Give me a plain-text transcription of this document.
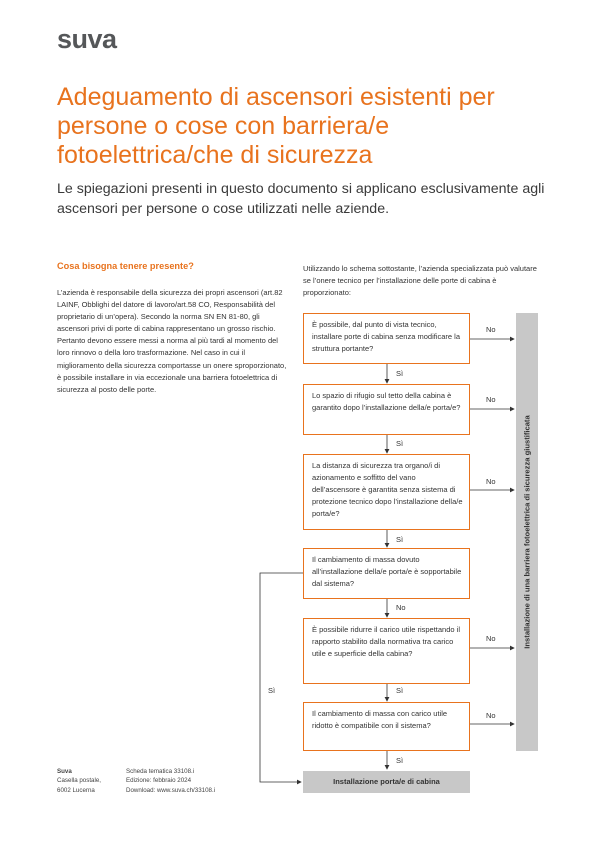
suva
Adeguamento di ascensori esistenti per persone o cose con barriera/e fotoelettrica/che di sicurezza

Le spiegazioni presenti in questo documento si applicano esclusivamente agli ascensori per persone o cose utilizzati nelle aziende.

Cosa bisogna tenere presente?

L’azienda è responsabile della sicurezza dei propri ascensori (art.82 LAINF, Obblighi del datore di lavoro/art.58 CO, Responsabilità del proprietario di un’opera). Secondo la norma SN EN 81-80, gli ascensori privi di porte di cabina rappresentano un grosso rischio. Pertanto devono essere messi a norma al più tardi al momento del loro rinnovo o della loro trasformazione. Nel caso in cui il miglioramento della sicurezza comportasse un onere sproporzionato, è possibile installare in via eccezionale una barriera fotoelettrica di sicurezza al posto delle porte.

Utilizzando lo schema sottostante, l’azienda specializzata può valutare se l’onere tecnico per l’installazione delle porte di cabina è proporzionato:

È possibile, dal punto di vista tecnico, installare porte di cabina senza modificare la struttura portante?
Lo spazio di rifugio sul tetto della cabina è garantito dopo l’installazione della/e porta/e?
La distanza di sicurezza tra organo/i di azionamento e soffitto del vano dell’ascensore è garantita senza sistema di protezione tecnico dopo l’installazione della/e porta/e?
Il cambiamento di massa dovuto all’installazione della/e porta/e è sopportabile dal sistema?
È possibile ridurre il carico utile rispettando il rapporto stabilito dalla normativa tra carico utile e superficie della cabina?
Il cambiamento di massa con carico utile ridotto è compatibile con il sistema?
Sì
Sì
Sì
No
Sì
Sì
Sì
No
No
No
No
No
Installazione di una barriera fotoelettrica di sicurezza giustificata
Installazione porta/e di cabina
Suva
Casella postale,
6002 Lucerna
Scheda tematica 33108.i
Edizione: febbraio 2024
Download: www.suva.ch/33108.i
